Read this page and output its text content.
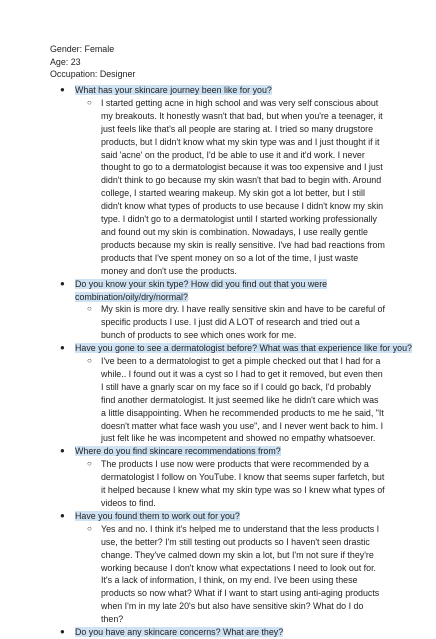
Gender: Female
Age: 23
Occupation: Designer
● What has your skincare journey been like for you?
○ I started getting acne in high school and was very self conscious about my breakouts. It honestly wasn't that bad, but when you're a teenager, it just feels like that's all people are staring at. I tried so many drugstore products, but I didn't know what my skin type was and I just thought if it said 'acne' on the product, I'd be able to use it and it'd work. I never thought to go to a dermatologist because it was too expensive and I just didn't think to go because my skin wasn't that bad to begin with. Around college, I started wearing makeup. My skin got a lot better, but I still didn't know what types of products to use because I didn't know my skin type. I didn't go to a dermatologist until I started working professionally and found out my skin is combination. Nowadays, I use really gentle products because my skin is really sensitive. I've had bad reactions from products that I've spent money on so a lot of the time, I just waste money and don't use the products.
● Do you know your skin type? How did you find out that you were combination/oily/dry/normal?
○ My skin is more dry. I have really sensitive skin and have to be careful of specific products I use. I just did A LOT of research and tried out a bunch of products to see which ones work for me.
● Have you gone to see a dermatologist before? What was that experience like for you?
○ I've been to a dermatologist to get a pimple checked out that I had for a while.. I found out it was a cyst so I had to get it removed, but even then I still have a gnarly scar on my face so if I could go back, I'd probably find another dermatologist. It just seemed like he didn't care which was a little disappointing. When he recommended products to me he said, "It doesn't matter what face wash you use", and I never went back to him. I just felt like he was incompetent and showed no empathy whatsoever.
● Where do you find skincare recommendations from?
○ The products I use now were products that were recommended by a dermatologist I follow on YouTube. I know that seems super farfetch, but it helped because I knew what my skin type was so I knew what types of videos to find.
● Have you found them to work out for you?
○ Yes and no. I think it's helped me to understand that the less products I use, the better? I'm still testing out products so I haven't seen drastic change. They've calmed down my skin a lot, but I'm not sure if they're working because I don't know what expectations I need to look out for. It's a lack of information, I think, on my end. I've been using these products so now what? What if I want to start using anti-aging products when I'm in my late 20's but also have sensitive skin? What do I do then?
● Do you have any skincare concerns? What are they?
